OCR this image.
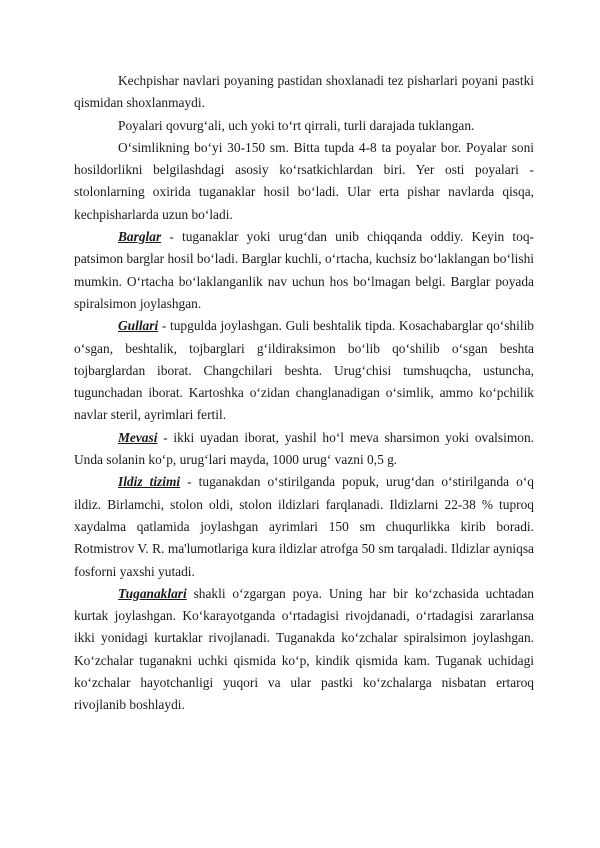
Kechpishar navlari poyaning pastidan shoxlanadi tez pisharlari poyani pastki qismidan shoxlanmaydi.

Poyalari qovurg‘ali, uch yoki to‘rt qirrali, turli darajada tuklangan.

O‘simlikning bo‘yi 30-150 sm. Bitta tupda 4-8 ta poyalar bor. Poyalar soni hosildorlikni belgilashdagi asosiy ko‘rsatkichlardan biri. Yer osti poyalari - stolonlarning oxirida tuganaklar hosil bo‘ladi. Ular erta pishar navlarda qisqa, kechpisharlarda uzun bo‘ladi.

Barglar - tuganaklar yoki urug‘dan unib chiqqanda oddiy. Keyin toq-patsimon barglar hosil bo‘ladi. Barglar kuchli, o‘rtacha, kuchsiz bo‘laklangan bo‘lishi mumkin. O‘rtacha bo‘laklanganlik nav uchun hos bo‘lmagan belgi. Barglar poyada spiralsimon joylashgan.

Gullari - tupgulda joylashgan. Guli beshtalik tipda. Kosachabarglar qo‘shilib o‘sgan, beshtalik, tojbarglari g‘ildiraksimon bo‘lib qo‘shilib o‘sgan beshta tojbarglardan iborat. Changchilari beshta. Urug‘chisi tumshuqcha, ustuncha, tugunchadan iborat. Kartoshka o‘zidan changlanadigan o‘simlik, ammo ko‘pchilik navlar steril, ayrimlari fertil.

Mevasi - ikki uyadan iborat, yashil ho‘l meva sharsimon yoki ovalsimon. Unda solanin ko‘p, urug‘lari mayda, 1000 urug‘ vazni 0,5 g.

Ildiz tizimi - tuganakdan o‘stirilganda popuk, urug‘dan o‘stirilganda o‘q ildiz. Birlamchi, stolon oldi, stolon ildizlari farqlanadi. Ildizlarni 22-38 % tuproq xaydalma qatlamida joylashgan ayrimlari 150 sm chuqurlikka kirib boradi. Rotmistrov V. R. ma'lumotlariga kura ildizlar atrofga 50 sm tarqaladi. Ildizlar ayniqsa fosforni yaxshi yutadi.

Tuganaklari shakli o‘zgargan poya. Uning har bir ko‘zchasida uchtadan kurtak joylashgan. Ko‘karayotganda o‘rtadagisi rivojdanadi, o‘rtadagisi zararlansa ikki yonidagi kurtaklar rivojlanadi. Tuganakda ko‘zchalar spiralsimon joylashgan. Ko‘zchalar tuganakni uchki qismida ko‘p, kindik qismida kam. Tuganak uchidagi ko‘zchalar hayotchanligi yuqori va ular pastki ko‘zchalarga nisbatan ertaroq rivojlanib boshlaydi.
